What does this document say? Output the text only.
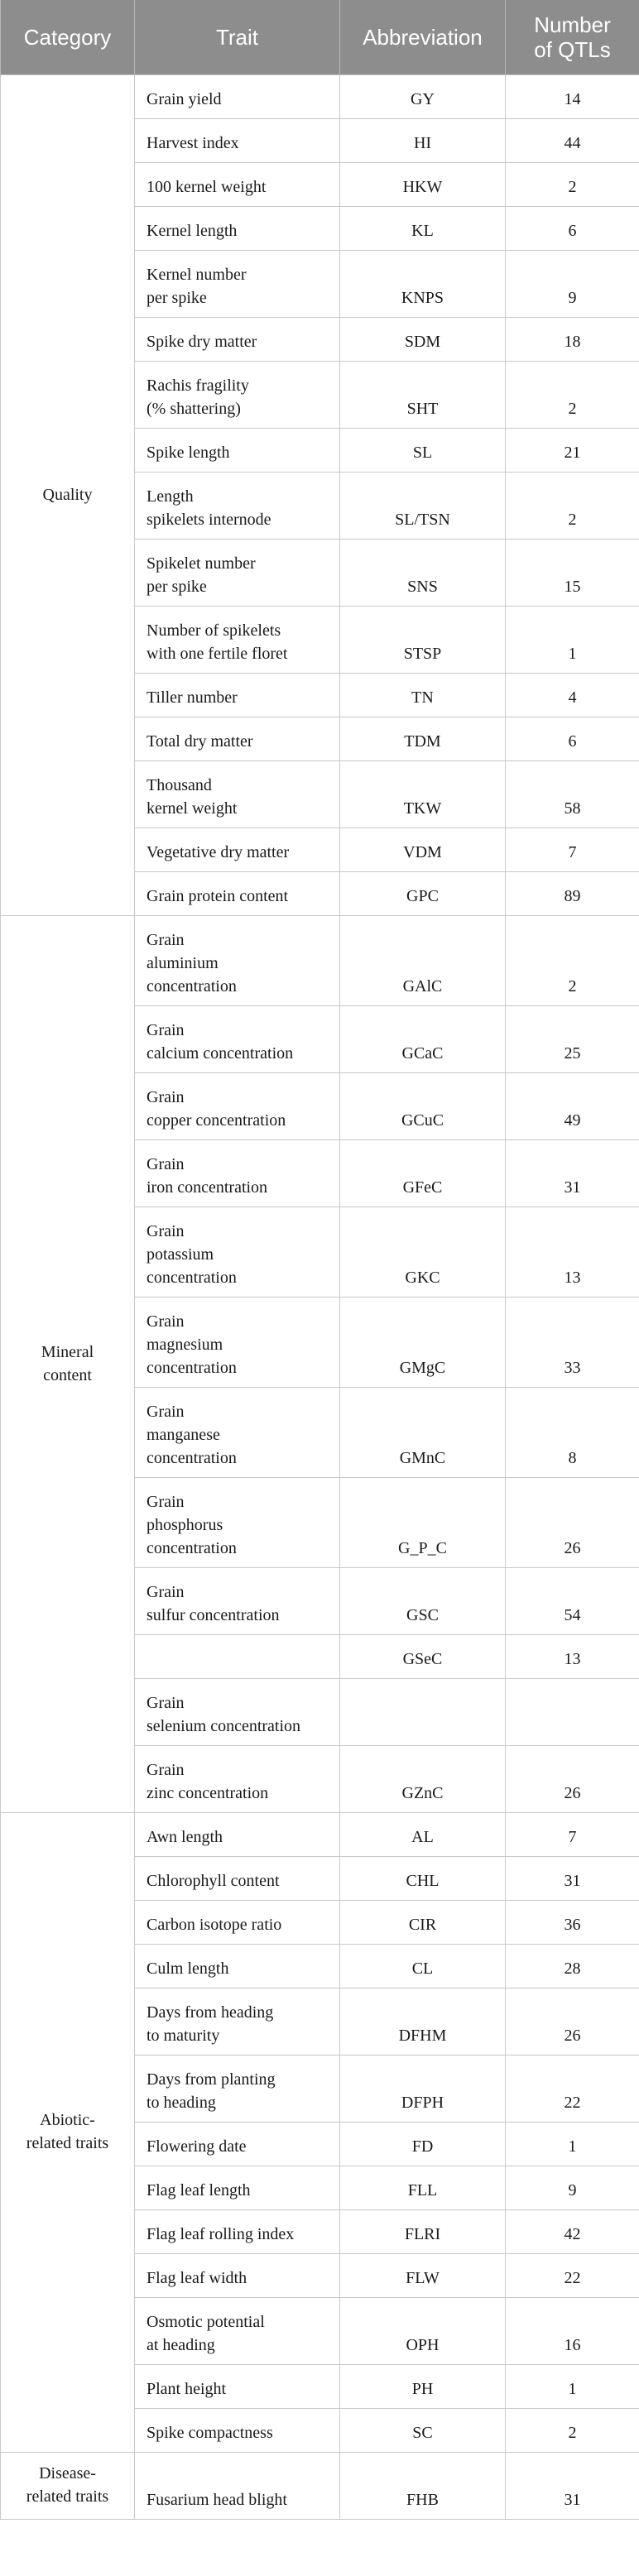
Category	Trait	Abbreviation	Number
of QTLs
Quality	Grain yield	GY	14
	Harvest index	HI	44
	100 kernel weight	HKW	2
	Kernel length	KL	6
	Kernel number
per spike	KNPS	9
	Spike dry matter	SDM	18
	Rachis fragility
(% shattering)	SHT	2
	Spike length	SL	21
	Length
spikelets internode	SL/TSN	2
	Spikelet number
per spike	SNS	15
	Number of spikelets
with one fertile floret	STSP	1
	Tiller number	TN	4
	Total dry matter	TDM	6
	Thousand
kernel weight	TKW	58
	Vegetative dry matter	VDM	7
	Grain protein content	GPC	89
Mineral
content	Grain
aluminium
concentration	GAlC	2
	Grain
calcium concentration	GCaC	25
	Grain
copper concentration	GCuC	49
	Grain
iron concentration	GFeC	31
	Grain
potassium
concentration	GKC	13
	Grain
magnesium
concentration	GMgC	33
	Grain
manganese
concentration	GMnC	8
	Grain
phosphorus
concentration	G_P_C	26
	Grain
sulfur concentration	GSC	54
		GSeC	13
	Grain
selenium concentration		
	Grain
zinc concentration	GZnC	26
Abiotic-
related traits	Awn length	AL	7
	Chlorophyll content	CHL	31
	Carbon isotope ratio	CIR	36
	Culm length	CL	28
	Days from heading
to maturity	DFHM	26
	Days from planting
to heading	DFPH	22
	Flowering date	FD	1
	Flag leaf length	FLL	9
	Flag leaf rolling index	FLRI	42
	Flag leaf width	FLW	22
	Osmotic potential
at heading	OPH	16
	Plant height	PH	1
	Spike compactness	SC	2
Disease-
related traits	Fusarium head blight	FHB	31
